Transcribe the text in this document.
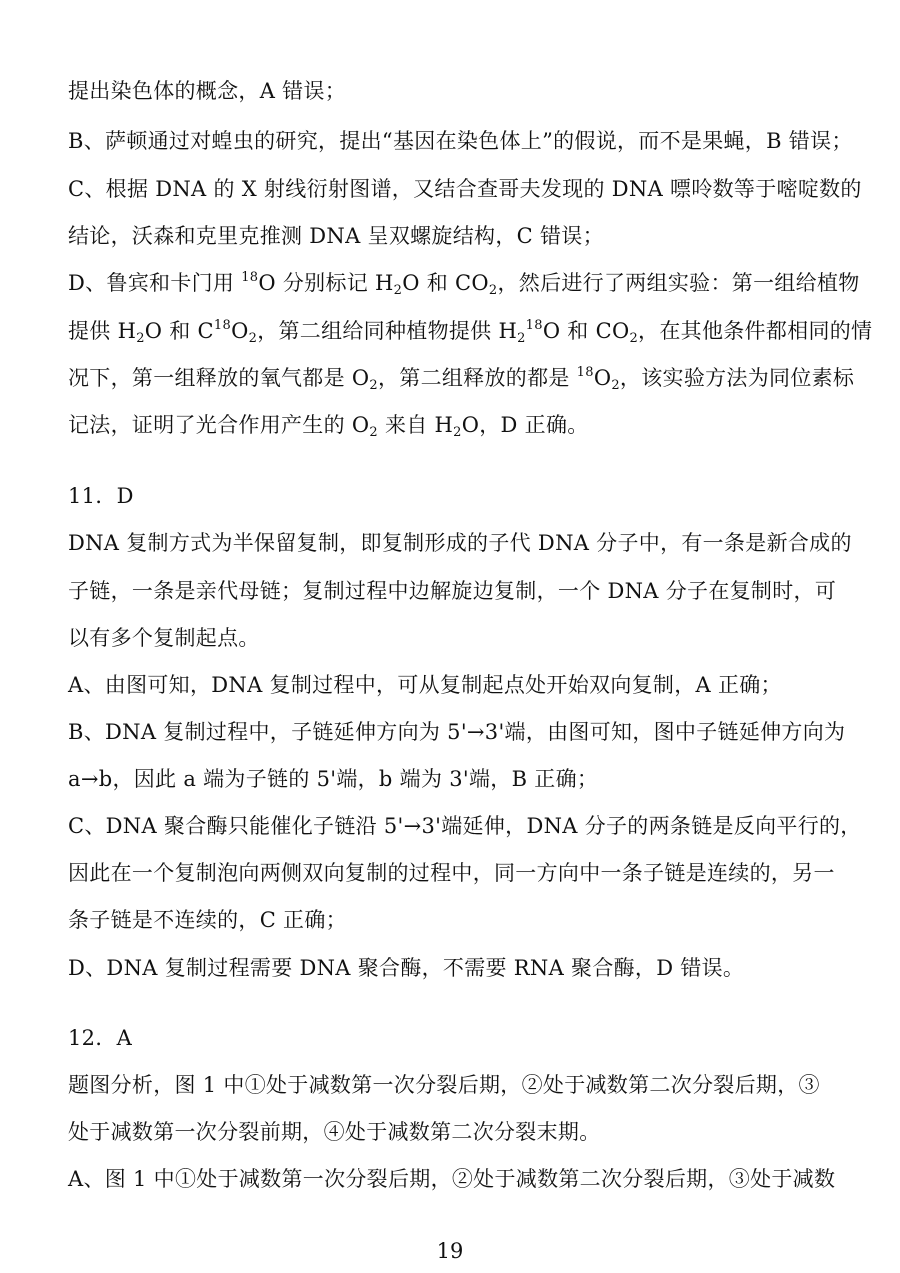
提出染色体的概念，A 错误；
B、萨顿通过对蝗虫的研究，提出“基因在染色体上”的假说，而不是果蝇，B 错误；
C、根据 DNA 的 X 射线衍射图谱，又结合查哥夫发现的 DNA 嘌呤数等于嘧啶数的
结论，沃森和克里克推测 DNA 呈双螺旋结构，C 错误；
D、鲁宾和卡门用 $^{18}$O 分别标记 $H_2O$ 和 $CO_2$，然后进行了两组实验：第一组给植物
提供 $H_2O$ 和 $C^{18}O_2$，第二组给同种植物提供 $H_2^{18}O$ 和 $CO_2$，在其他条件都相同的情
况下，第一组释放的氧气都是 $O_2$，第二组释放的都是 $^{18}O_2$，该实验方法为同位素标
记法，证明了光合作用产生的 $O_2$ 来自 $H_2O$，D 正确。
11．D
DNA 复制方式为半保留复制，即复制形成的子代 DNA 分子中，有一条是新合成的
子链，一条是亲代母链；复制过程中边解旋边复制，一个 DNA 分子在复制时，可
以有多个复制起点。
A、由图可知，DNA 复制过程中，可从复制起点处开始双向复制，A 正确；
B、DNA 复制过程中，子链延伸方向为 5'→3'端，由图可知，图中子链延伸方向为
a→b，因此 a 端为子链的 5'端，b 端为 3'端，B 正确；
C、DNA 聚合酶只能催化子链沿 5'→3'端延伸，DNA 分子的两条链是反向平行的，
因此在一个复制泡向两侧双向复制的过程中，同一方向中一条子链是连续的，另一
条子链是不连续的，C 正确；
D、DNA 复制过程需要 DNA 聚合酶，不需要 RNA 聚合酶，D 错误。
12．A
题图分析，图 1 中①处于减数第一次分裂后期，②处于减数第二次分裂后期，③
处于减数第一次分裂前期，④处于减数第二次分裂末期。
A、图 1 中①处于减数第一次分裂后期，②处于减数第二次分裂后期，③处于减数
19
